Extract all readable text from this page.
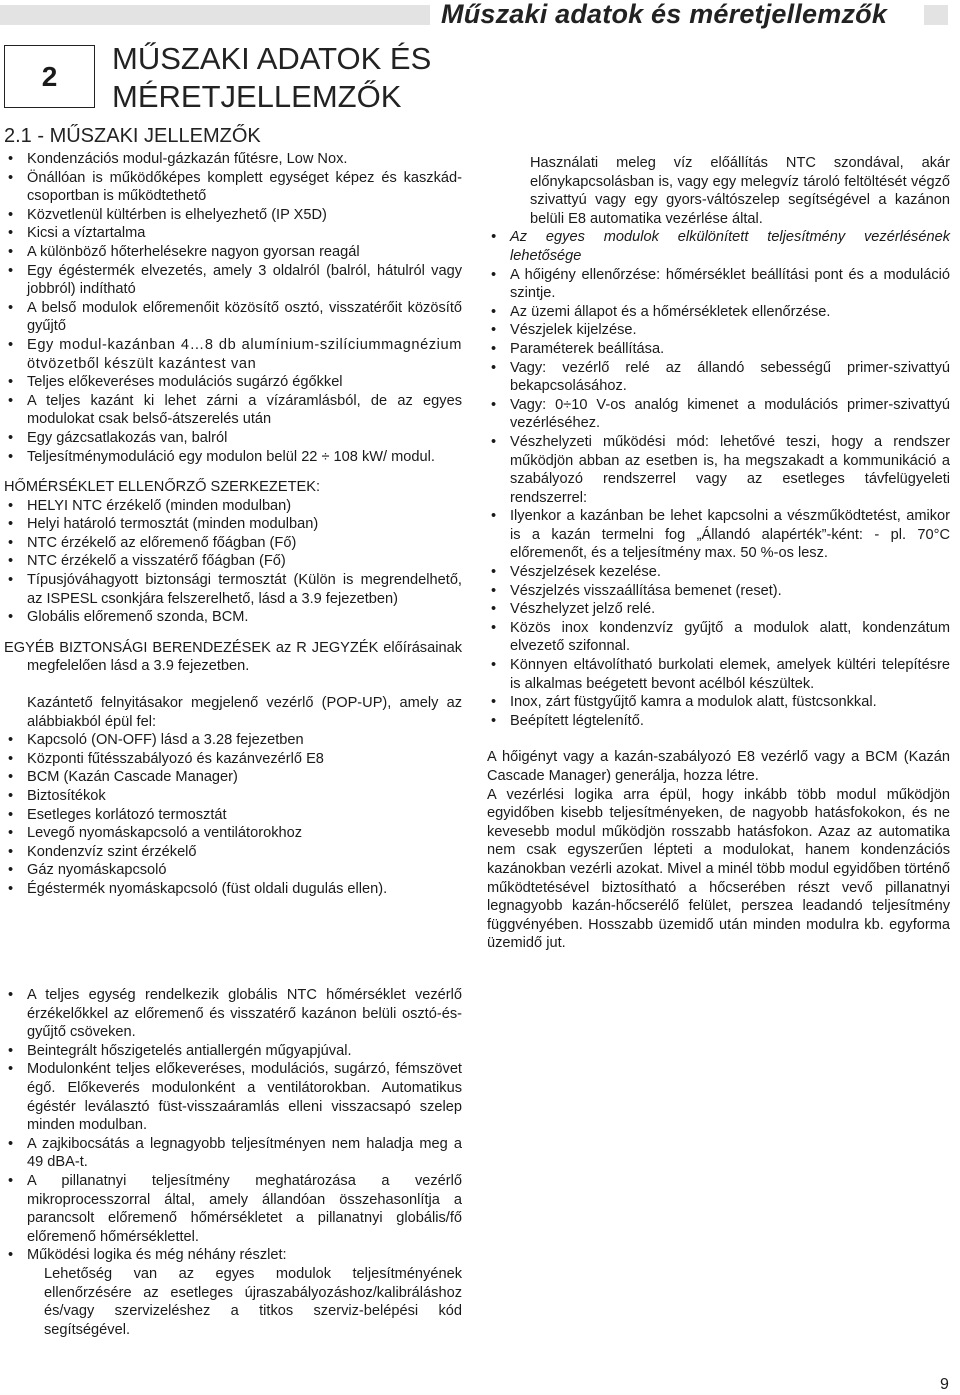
Műszaki adatok és méretjellemzők
2	MŰSZAKI ADATOK ÉS
MÉRETJELLEMZŐK
2.1 - MŰSZAKI JELLEMZŐK
• Kondenzációs modul-gázkazán fűtésre, Low Nox.
• Önállóan is működőképes komplett egységet képez és kaszkád-csoportban is működtethető
• Közvetlenül kültérben is elhelyezhető (IP X5D)
• Kicsi a víztartalma
• A különböző hőterhelésekre nagyon gyorsan reagál
• Egy égéstermék elvezetés, amely 3 oldalról (balról, hátulról vagy jobbról) indítható
• A belső modulok előremenőit közösítő osztó, visszatérőit közösítő gyűjtő
• Egy modul-kazánban 4…8 db alumínium-szilíciummagnézium ötvözetből készült kazántest van
• Teljes előkeveréses modulációs sugárzó égőkkel
• A teljes kazánt ki lehet zárni a vízáramlásból, de az egyes modulokat csak belső-átszerelés után
• Egy gázcsatlakozás van, balról
• Teljesítménymoduláció egy modulon belül 22 ÷ 108 kW/ modul.

HŐMÉRSÉKLET ELLENŐRZŐ SZERKEZETEK:

• HELYI NTC érzékelő (minden modulban)
• Helyi határoló termosztát (minden modulban)
• NTC érzékelő az előremenő főágban (Fő)
• NTC érzékelő a visszatérő főágban (Fő)
• Típusjóváhagyott biztonsági termosztát (Külön is megrendelhető, az ISPESL csonkjára felszerelhető, lásd a 3.9 fejezetben)
• Globális előremenő szonda, BCM.

EGYÉB BIZTONSÁGI BERENDEZÉSEK az R JEGYZÉK előírásainak megfelelően lásd a 3.9 fejezetben.

Kazántető felnyitásakor megjelenő vezérlő (POP-UP), amely az alábbiakból épül fel:

• Kapcsoló (ON-OFF) lásd a 3.28 fejezetben
• Központi fűtésszabályozó és kazánvezérlő E8
• BCM (Kazán Cascade Manager)
• Biztosítékok
• Esetleges korlátozó termosztát
• Levegő nyomáskapcsoló a ventilátorokhoz
• Kondenzvíz szint érzékelő
• Gáz nyomáskapcsoló
• Égéstermék nyomáskapcsoló (füst oldali dugulás ellen).
• A teljes egység rendelkezik globális NTC hőmérséklet vezérlő érzékelőkkel az előremenő és visszatérő kazánon belüli osztó-és-gyűjtő csöveken.
• Beintegrált hőszigetelés antiallergén műgyapjúval.
• Modulonként teljes előkeveréses, modulációs, sugárzó, fémszövet égő. Előkeverés modulonként a ventilátorokban. Automatikus égéstér leválasztó füst-visszaáramlás elleni visszacsapó szelep minden modulban.
• A zajkibocsátás a legnagyobb teljesítményen nem haladja meg a 49 dBA-t.
• A pillanatnyi teljesítmény meghatározása a vezérlő mikroprocesszorral által, amely állandóan összehasonlítja a parancsolt előremenő hőmérsékletet a pillanatnyi globális/fő előremenő hőmérséklettel.
• Működési logika és még néhány részlet:

Lehetőség van az egyes modulok teljesítményének ellenőrzésére az esetleges újraszabályozáshoz/kalibráláshoz és/vagy szervizeléshez a titkos szerviz-belépési kód segítségével.

Használati meleg víz előállítás NTC szondával, akár előnykapcsolásban is, vagy egy melegvíz tároló feltöltését végző szivattyú vagy egy gyors-váltószelep segítségével a kazánon belüli E8 automatika vezérlése által.

• Az egyes modulok elkülönített teljesítmény vezérlésének lehetősége
• A hőigény ellenőrzése: hőmérséklet beállítási pont és a moduláció szintje.
• Az üzemi állapot és a hőmérsékletek ellenőrzése.
• Vészjelek kijelzése.
• Paraméterek beállítása.
• Vagy: vezérlő relé az állandó sebességű primer-szivattyú bekapcsolásához.
• Vagy: 0÷10 V-os analóg kimenet a modulációs primer-szivattyú vezérléséhez.
• Vészhelyzeti működési mód: lehetővé teszi, hogy a rendszer működjön abban az esetben is, ha megszakadt a kommunikáció a szabályozó rendszerrel vagy az esetleges távfelügyeleti rendszerrel:
• Ilyenkor a kazánban be lehet kapcsolni a vészműködtetést, amikor is a kazán termelni fog „Állandó alapérték”-ként: - pl. 70°C előremenőt, és a teljesítmény max. 50 %-os lesz.
• Vészjelzések kezelése.
• Vészjelzés visszaállítása bemenet (reset).
• Vészhelyzet jelző relé.
• Közös inox kondenzvíz gyűjtő a modulok alatt, kondenzátum elvezető szifonnal.
• Könnyen eltávolítható burkolati elemek, amelyek kültéri telepítésre is alkalmas beégetett bevont acélból készültek.
• Inox, zárt füstgyűjtő kamra a modulok alatt, füstcsonkkal.
• Beépített légtelenítő.

A hőigényt vagy a kazán-szabályozó E8 vezérlő vagy a BCM (Kazán Cascade Manager) generálja, hozza létre.

A vezérlési logika arra épül, hogy inkább több modul működjön egyidőben kisebb teljesítményeken, de nagyobb hatásfokokon, és ne kevesebb modul működjön rosszabb hatásfokon. Azaz az automatika nem csak egyszerűen lépteti a modulokat, hanem kondenzációs kazánokban vezérli azokat. Mivel a minél több modul egyidőben történő működtetésével biztosítható a hőcserében részt vevő pillanatnyi legnagyobb kazán-hőcserélő felület, perszea leadandó teljesítmény függvényében. Hosszabb üzemidő után minden modulra kb. egyforma üzemidő jut.

9
